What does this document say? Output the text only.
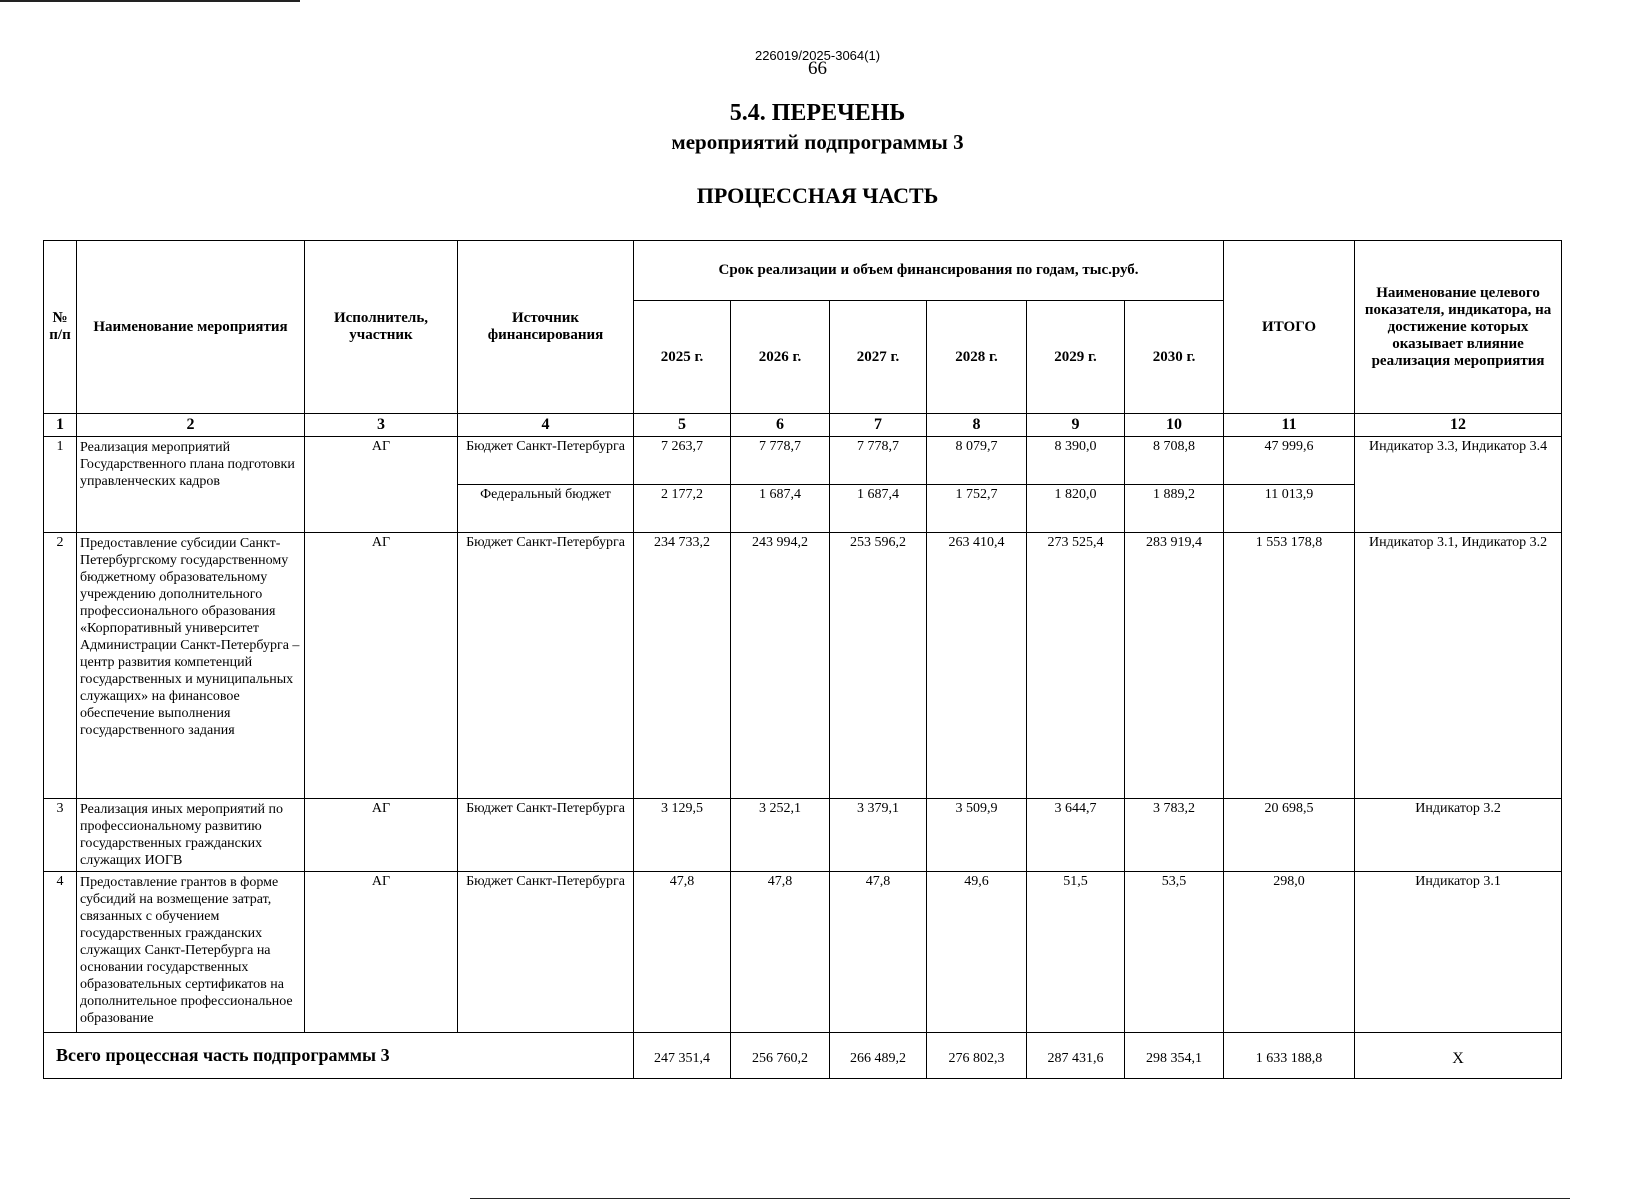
226019/2025-3064(1)
66
5.4. ПЕРЕЧЕНЬ
мероприятий подпрограммы 3
ПРОЦЕССНАЯ ЧАСТЬ
№ п/п	Наименование мероприятия	Исполнитель, участник	Источник финансирования	Срок реализации и объем финансирования по годам, тыс.руб.						ИТОГО	Наименование целевого показателя, индикатора, на достижение которых оказывает влияние реализация мероприятия
				2025 г.	2026 г.	2027 г.	2028 г.	2029 г.	2030 г.		
1	2	3	4	5	6	7	8	9	10	11	12
1	Реализация мероприятий Государственного плана подготовки управленческих кадров	АГ	Бюджет Санкт-Петербурга	7 263,7	7 778,7	7 778,7	8 079,7	8 390,0	8 708,8	47 999,6	Индикатор 3.3, Индикатор 3.4
			Федеральный бюджет	2 177,2	1 687,4	1 687,4	1 752,7	1 820,0	1 889,2	11 013,9	
2	Предоставление субсидии Санкт-Петербургскому государственному бюджетному образовательному учреждению дополнительного профессионального образования «Корпоративный университет Администрации Санкт-Петербурга – центр развития компетенций государственных и муниципальных служащих» на финансовое обеспечение выполнения государственного задания	АГ	Бюджет Санкт-Петербурга	234 733,2	243 994,2	253 596,2	263 410,4	273 525,4	283 919,4	1 553 178,8	Индикатор 3.1, Индикатор 3.2
3	Реализация иных мероприятий по профессиональному развитию государственных гражданских служащих ИОГВ	АГ	Бюджет Санкт-Петербурга	3 129,5	3 252,1	3 379,1	3 509,9	3 644,7	3 783,2	20 698,5	Индикатор 3.2
4	Предоставление грантов в форме субсидий на возмещение затрат, связанных с обучением государственных гражданских служащих Санкт-Петербурга на основании государственных образовательных сертификатов на дополнительное профессиональное образование	АГ	Бюджет Санкт-Петербурга	47,8	47,8	47,8	49,6	51,5	53,5	298,0	Индикатор 3.1
Всего процессная часть подпрограммы 3				247 351,4	256 760,2	266 489,2	276 802,3	287 431,6	298 354,1	1 633 188,8	Х
